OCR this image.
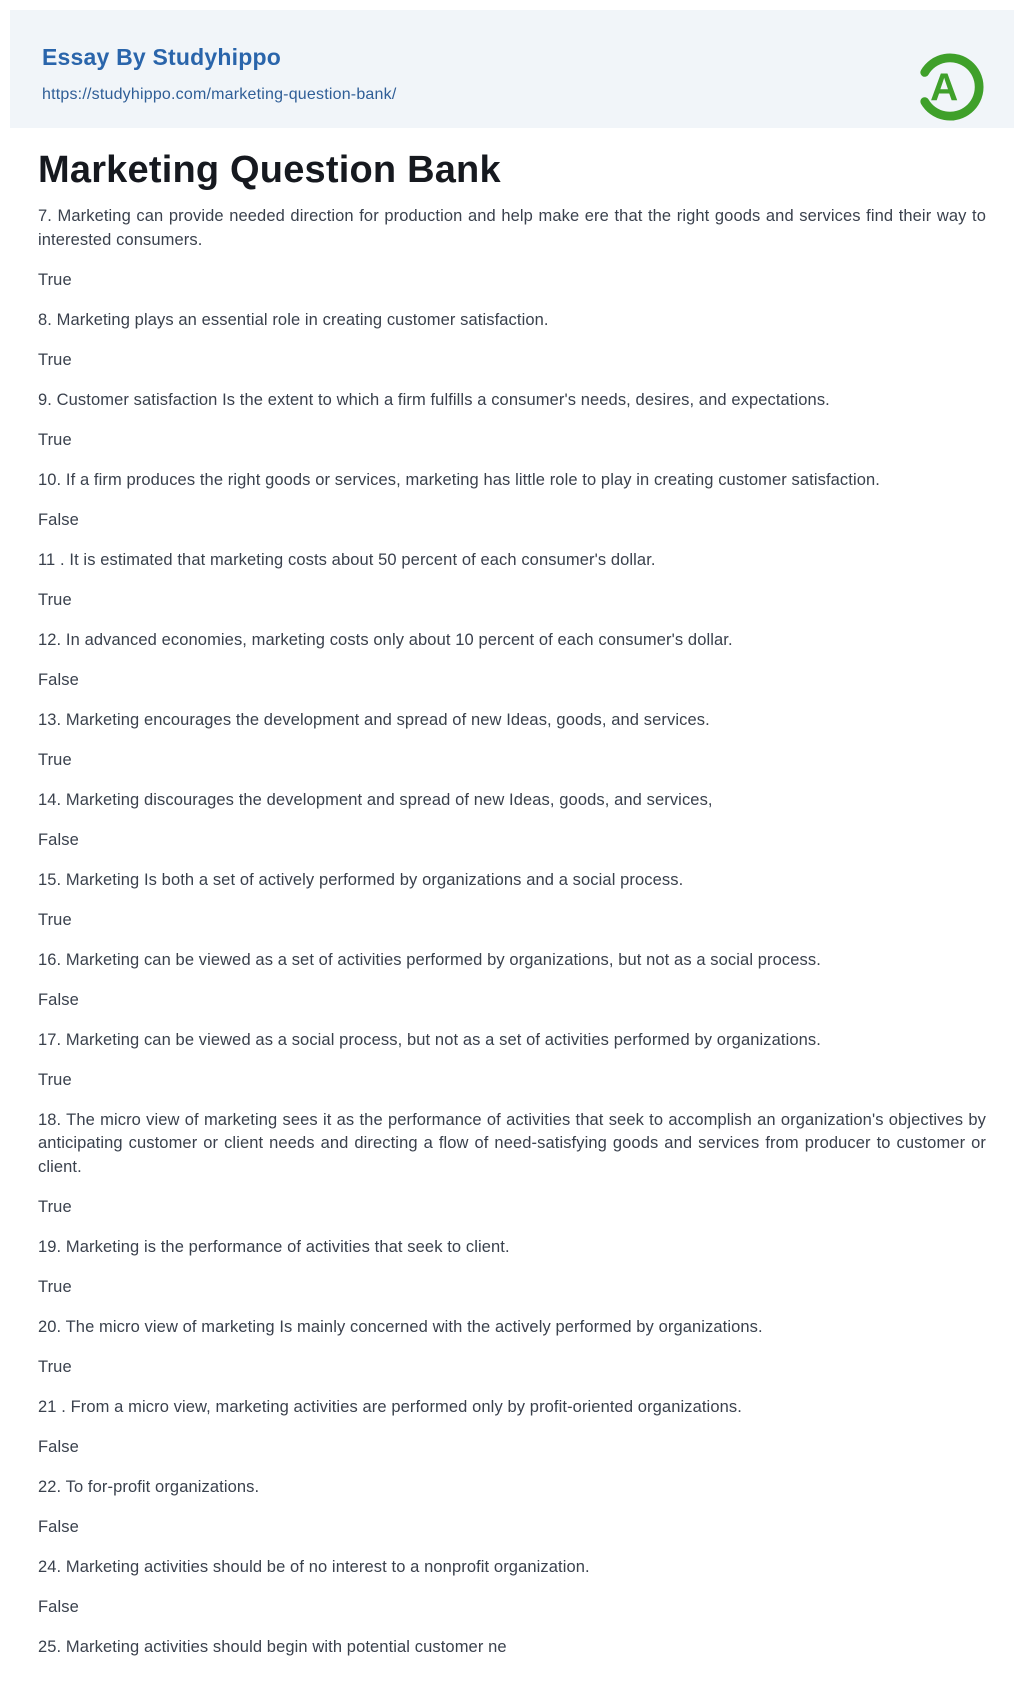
Essay By Studyhippo
https://studyhippo.com/marketing-question-bank/	A
Marketing Question Bank

7. Marketing can provide needed direction for production and help make ere that the right goods and services find their way to interested consumers.

True

8. Marketing plays an essential role in creating customer satisfaction.

True

9. Customer satisfaction Is the extent to which a firm fulfills a consumer's needs, desires, and expectations.

True

10. If a firm produces the right goods or services, marketing has little role to play in creating customer satisfaction.

False

11 . It is estimated that marketing costs about 50 percent of each consumer's dollar.

True

12. In advanced economies, marketing costs only about 10 percent of each consumer's dollar.

False

13. Marketing encourages the development and spread of new Ideas, goods, and services.

True

14. Marketing discourages the development and spread of new Ideas, goods, and services,

False

15. Marketing Is both a set of actively performed by organizations and a social process.

True

16. Marketing can be viewed as a set of activities performed by organizations, but not as a social process.

False

17. Marketing can be viewed as a social process, but not as a set of activities performed by organizations.

True

18. The micro view of marketing sees it as the performance of activities that seek to accomplish an organization's objectives by anticipating customer or client needs and directing a flow of need-satisfying goods and services from producer to customer or client.

True

19. Marketing is the performance of activities that seek to client.

True

20. The micro view of marketing Is mainly concerned with the actively performed by organizations.

True

21 . From a micro view, marketing activities are performed only by profit-oriented organizations.

False

22. To for-profit organizations.

False

24. Marketing activities should be of no interest to a nonprofit organization.

False

25. Marketing activities should begin with potential customer ne
